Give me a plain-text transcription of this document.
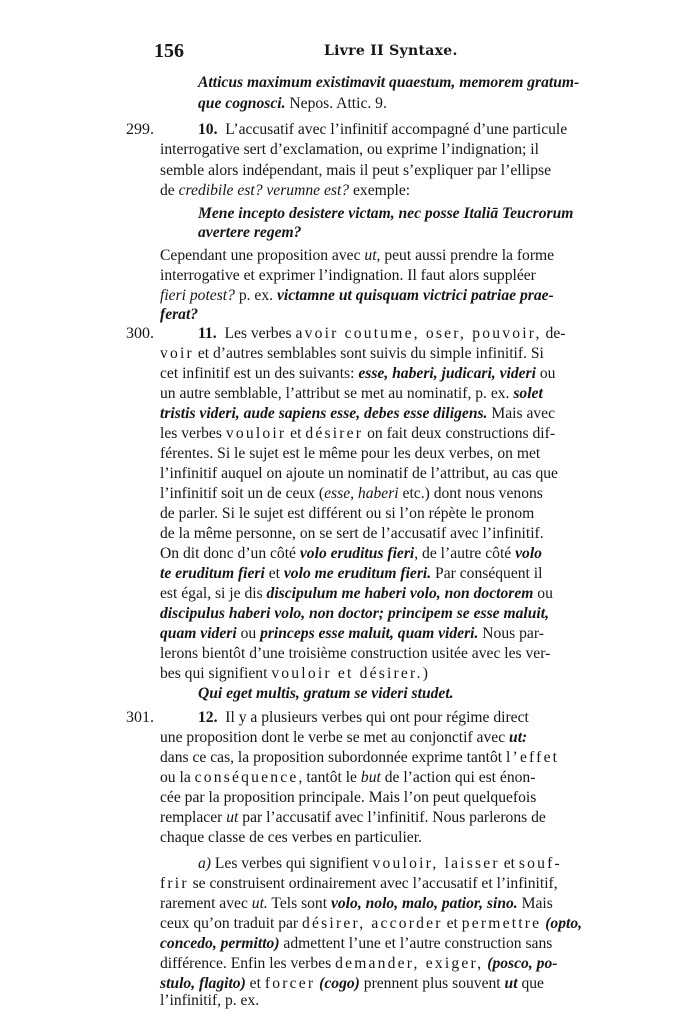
156	Livre II Syntaxe.
Atticus maximum existimavit quaestum, memorem gratum-
que cognosci. Nepos. Attic. 9.
299.	10. L’accusatif avec l’infinitif accompagné d’une particule
interrogative sert d’exclamation, ou exprime l’indignation; il
semble alors indépendant, mais il peut s’expliquer par l’ellipse
de credibile est? verumne est? exemple:
Mene incepto desistere victam, nec posse Italiā Teucrorum
avertere regem?
Cependant une proposition avec ut, peut aussi prendre la forme
interrogative et exprimer l’indignation. Il faut alors suppléer
fieri potest? p. ex. victamne ut quisquam victrici patriae prae-
ferat?
300.	11. Les verbes avoir coutume, oser, pouvoir, de-
voir et d’autres semblables sont suivis du simple infinitif. Si
cet infinitif est un des suivants: esse, haberi, judicari, videri ou
un autre semblable, l’attribut se met au nominatif, p. ex. solet
tristis videri, aude sapiens esse, debes esse diligens. Mais avec
les verbes vouloir et désirer on fait deux constructions dif-
férentes. Si le sujet est le même pour les deux verbes, on met
l’infinitif auquel on ajoute un nominatif de l’attribut, au cas que
l’infinitif soit un de ceux (esse, haberi etc.) dont nous venons
de parler. Si le sujet est différent ou si l’on répète le pronom
de la même personne, on se sert de l’accusatif avec l’infinitif.
On dit donc d’un côté volo eruditus fieri, de l’autre côté volo
te eruditum fieri et volo me eruditum fieri. Par conséquent il
est égal, si je dis discipulum me haberi volo, non doctorem ou
discipulus haberi volo, non doctor; principem se esse maluit,
quam videri ou princeps esse maluit, quam videri. Nous par-
lerons bientôt d’une troisième construction usitée avec les ver-
bes qui signifient vouloir et désirer.)
Qui eget multis, gratum se videri studet.
301.	12. Il y a plusieurs verbes qui ont pour régime direct
une proposition dont le verbe se met au conjonctif avec ut:
dans ce cas, la proposition subordonnée exprime tantôt l’effet
ou la conséquence, tantôt le but de l’action qui est énon-
cée par la proposition principale. Mais l’on peut quelquefois
remplacer ut par l’accusatif avec l’infinitif. Nous parlerons de
chaque classe de ces verbes en particulier.
a) Les verbes qui signifient vouloir, laisser et souf-
frir se construisent ordinairement avec l’accusatif et l’infinitif,
rarement avec ut. Tels sont volo, nolo, malo, patior, sino. Mais
ceux qu’on traduit par désirer, accorder et permettre (opto,
concedo, permitto) admettent l’une et l’autre construction sans
différence. Enfin les verbes demander, exiger, (posco, po-
stulo, flagito) et forcer (cogo) prennent plus souvent ut que
l’infinitif, p. ex.
